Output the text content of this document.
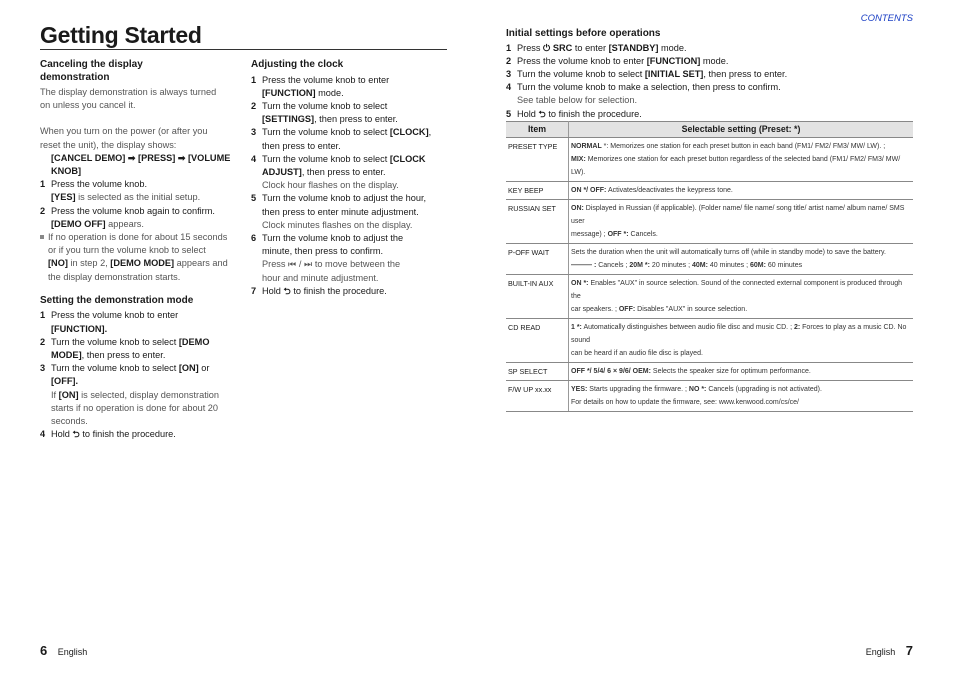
CONTENTS
Getting Started

Canceling the display demonstration

The display demonstration is always turned
on unless you cancel it.

When you turn on the power (or after you
reset the unit), the display shows:

[CANCEL DEMO] ➡ [PRESS] ➡ [VOLUME
KNOB]

1 Press the volume knob.
[YES] is selected as the initial setup.

2 Press the volume knob again to confirm.
[DEMO OFF] appears.

If no operation is done for about 15 seconds
or if you turn the volume knob to select
[NO] in step 2, [DEMO MODE] appears and
the display demonstration starts.

Setting the demonstration mode

1 Press the volume knob to enter
[FUNCTION].

2 Turn the volume knob to select [DEMO
MODE], then press to enter.

3 Turn the volume knob to select [ON] or
[OFF].
If [ON] is selected, display demonstration
starts if no operation is done for about 20
seconds.

4 Hold ⮌ to finish the procedure.

Adjusting the clock

1 Press the volume knob to enter
[FUNCTION] mode.

2 Turn the volume knob to select
[SETTINGS], then press to enter.

3 Turn the volume knob to select [CLOCK],
then press to enter.

4 Turn the volume knob to select [CLOCK
ADJUST], then press to enter.
Clock hour flashes on the display.

5 Turn the volume knob to adjust the hour,
then press to enter minute adjustment.
Clock minutes flashes on the display.

6 Turn the volume knob to adjust the
minute, then press to confirm.
Press ⏮ / ⏭ to move between the
hour and minute adjustment.

7 Hold ⮌ to finish the procedure.

Initial settings before operations

1 Press ⏻ SRC to enter [STANDBY] mode.

2 Press the volume knob to enter [FUNCTION] mode.

3 Turn the volume knob to select [INITIAL SET], then press to enter.

4 Turn the volume knob to make a selection, then press to confirm.
See table below for selection.

5 Hold ⮌ to finish the procedure.

Item	Selectable setting (Preset: *)
PRESET TYPE	NORMAL *: Memorizes one station for each preset button in each band (FM1/ FM2/ FM3/ MW/ LW). ;
MIX: Memorizes one station for each preset button regardless of the selected band (FM1/ FM2/ FM3/ MW/ LW).
KEY BEEP	ON */ OFF: Activates/deactivates the keypress tone.
RUSSIAN SET	ON: Displayed in Russian (if applicable). (Folder name/ file name/ song title/ artist name/ album name/ SMS user
message) ; OFF *: Cancels.
P-OFF WAIT	Sets the duration when the unit will automatically turns off (while in standby mode) to save the battery.
——— : Cancels ; 20M *: 20 minutes ; 40M: 40 minutes ; 60M: 60 minutes
BUILT-IN AUX	ON *: Enables "AUX" in source selection. Sound of the connected external component is produced through the
car speakers. ; OFF: Disables "AUX" in source selection.
CD READ	1 *: Automatically distinguishes between audio file disc and music CD. ; 2: Forces to play as a music CD. No sound
can be heard if an audio file disc is played.
SP SELECT	OFF */ 5/4/ 6 × 9/6/ OEM: Selects the speaker size for optimum performance.
F/W UP xx.xx	YES: Starts upgrading the firmware. ; NO *: Cancels (upgrading is not activated).
For details on how to update the firmware, see: www.kenwood.com/cs/ce/
6 English	English 7
